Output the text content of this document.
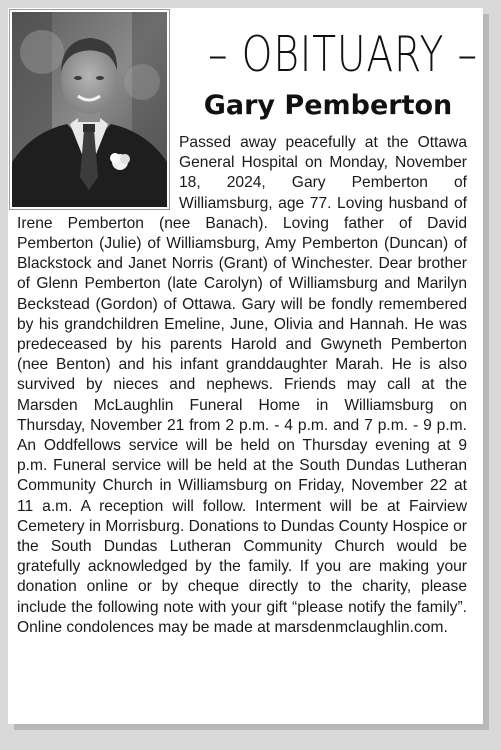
– OBITUARY –
Gary Pemberton

Passed away peacefully at the Ottawa General Hospital on Monday, November 18, 2024, Gary Pemberton of Williamsburg, age 77. Loving husband of Irene Pemberton (nee Banach). Loving father of David Pemberton (Julie) of Williamsburg, Amy Pemberton (Duncan) of Blackstock and Janet Norris (Grant) of Winchester. Dear brother of Glenn Pemberton (late Carolyn) of Williamsburg and Marilyn Beckstead (Gordon) of Ottawa. Gary will be fondly remembered by his grandchildren Emeline, June, Olivia and Hannah. He was predeceased by his parents Harold and Gwyneth Pemberton (nee Benton) and his infant granddaughter Marah. He is also survived by nieces and nephews. Friends may call at the Marsden McLaughlin Funeral Home in Williamsburg on Thursday, November 21 from 2 p.m. - 4 p.m. and 7 p.m. - 9 p.m. An Oddfellows service will be held on Thursday evening at 9 p.m. Funeral service will be held at the South Dundas Lutheran Community Church in Williamsburg on Friday, November 22 at 11 a.m. A reception will follow. Interment will be at Fairview Cemetery in Morrisburg. Donations to Dundas County Hospice or the South Dundas Lutheran Community Church would be gratefully acknowledged by the family. If you are making your donation online or by cheque directly to the charity, please include the following note with your gift “please notify the family”. Online condolences may be made at marsdenmclaughlin.com.
